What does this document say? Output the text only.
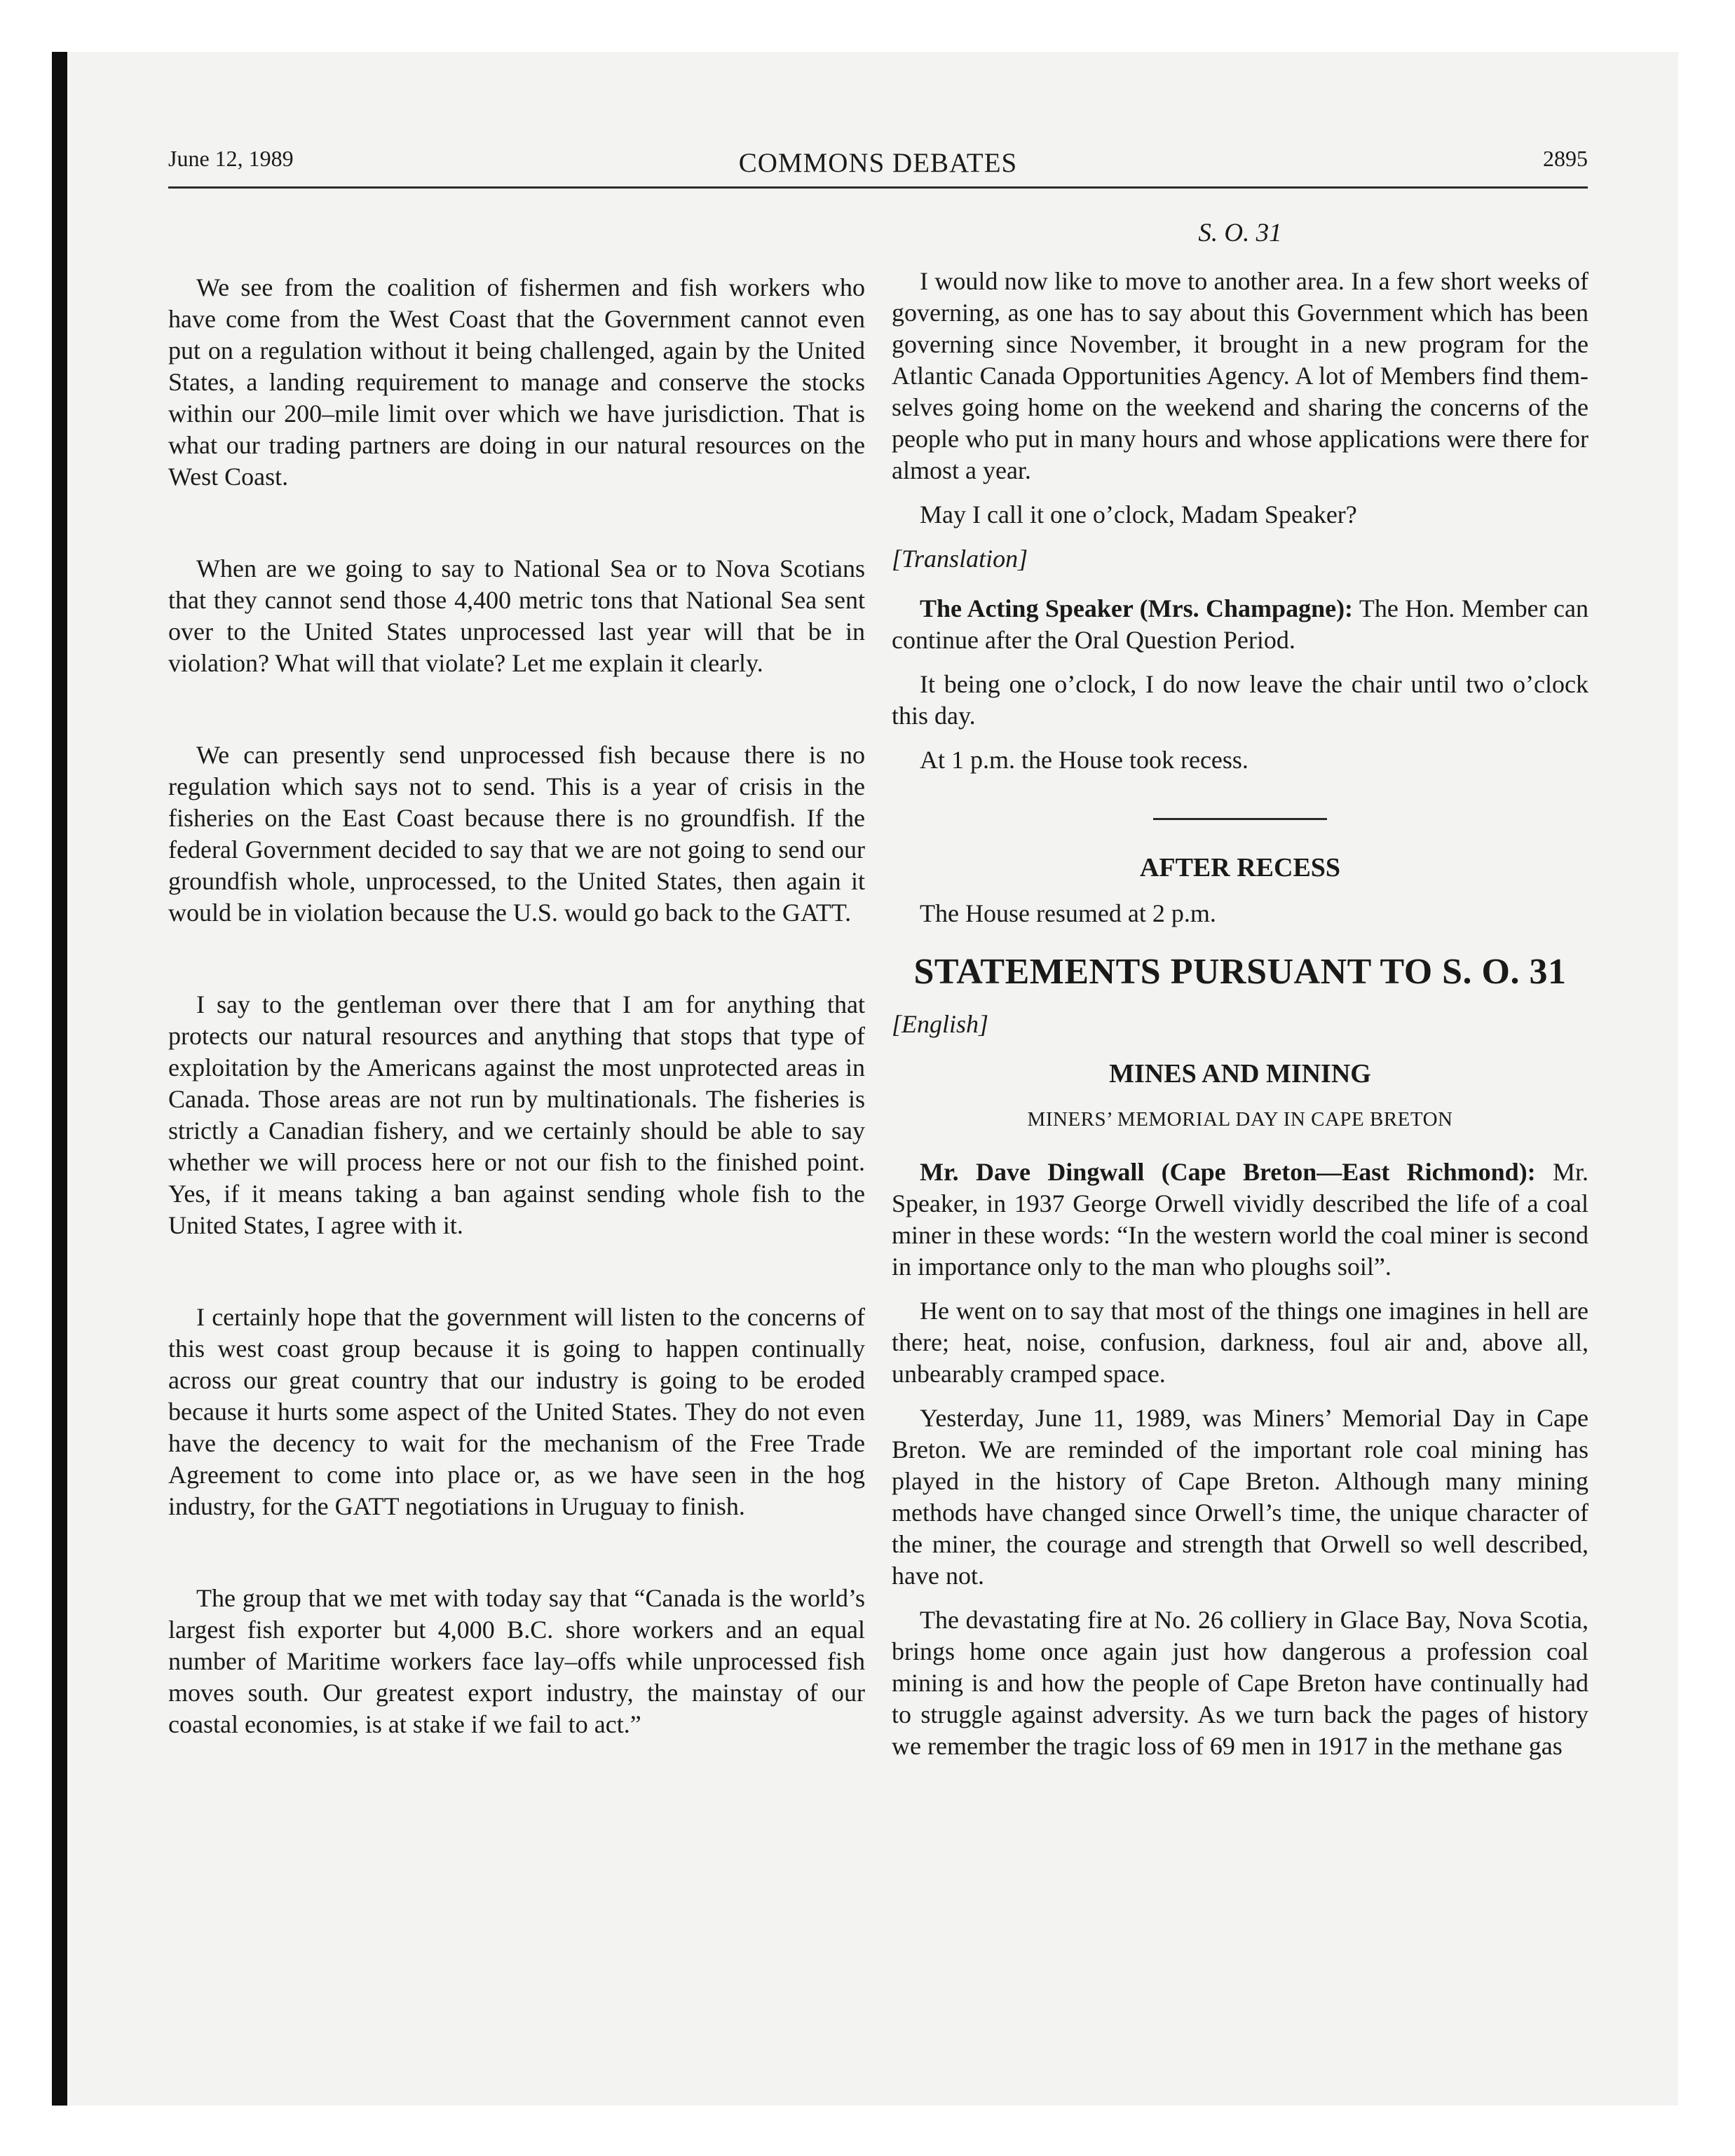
June 12, 1989	COMMONS DEBATES	2895

We see from the coalition of fishermen and fish workers who have come from the West Coast that the Government cannot even put on a regulation without it being challenged, again by the United States, a landing requirement to manage and conserve the stocks within our 200–mile limit over which we have jurisdiction. That is what our trading partners are doing in our natural resources on the West Coast.

When are we going to say to National Sea or to Nova Scotians that they cannot send those 4,400 metric tons that National Sea sent over to the United States unprocessed last year will that be in violation? What will that violate? Let me explain it clearly.

We can presently send unprocessed fish because there is no regulation which says not to send. This is a year of crisis in the fisheries on the East Coast because there is no groundfish. If the federal Government decided to say that we are not going to send our groundfish whole, unprocessed, to the United States, then again it would be in violation because the U.S. would go back to the GATT.

I say to the gentleman over there that I am for anything that protects our natural resources and anything that stops that type of exploitation by the Americans against the most unprotected areas in Canada. Those areas are not run by multinationals. The fisheries is strictly a Canadian fishery, and we certainly should be able to say whether we will process here or not our fish to the finished point. Yes, if it means taking a ban against sending whole fish to the United States, I agree with it.

I certainly hope that the government will listen to the concerns of this west coast group because it is going to happen continually across our great country that our industry is going to be eroded because it hurts some aspect of the United States. They do not even have the decency to wait for the mechanism of the Free Trade Agreement to come into place or, as we have seen in the hog industry, for the GATT negotiations in Uruguay to finish.

The group that we met with today say that “Canada is the world’s largest fish exporter but 4,000 B.C. shore workers and an equal number of Maritime workers face lay–offs while unprocessed fish moves south. Our greatest export industry, the mainstay of our coastal economies, is at stake if we fail to act.”

S. O. 31

I would now like to move to another area. In a few short weeks of governing, as one has to say about this Government which has been governing since November, it brought in a new program for the Atlantic Canada Opportunities Agency. A lot of Members find themselves going home on the weekend and sharing the concerns of the people who put in many hours and whose applications were there for almost a year.

May I call it one o’clock, Madam Speaker?

[Translation]

The Acting Speaker (Mrs. Champagne): The Hon. Member can continue after the Oral Question Period.

It being one o’clock, I do now leave the chair until two o’clock this day.

At 1 p.m. the House took recess.

AFTER RECESS

The House resumed at 2 p.m.

STATEMENTS PURSUANT TO S. O. 31
[English]
MINES AND MINING
MINERS’ MEMORIAL DAY IN CAPE BRETON

Mr. Dave Dingwall (Cape Breton—East Richmond): Mr. Speaker, in 1937 George Orwell vividly described the life of a coal miner in these words: “In the western world the coal miner is second in importance only to the man who ploughs soil”.

He went on to say that most of the things one imagines in hell are there; heat, noise, confusion, darkness, foul air and, above all, unbearably cramped space.

Yesterday, June 11, 1989, was Miners’ Memorial Day in Cape Breton. We are reminded of the important role coal mining has played in the history of Cape Breton. Although many mining methods have changed since Orwell’s time, the unique character of the miner, the courage and strength that Orwell so well described, have not.

The devastating fire at No. 26 colliery in Glace Bay, Nova Scotia, brings home once again just how dangerous a profession coal mining is and how the people of Cape Breton have continually had to struggle against adversity. As we turn back the pages of history we remember the tragic loss of 69 men in 1917 in the methane gas
